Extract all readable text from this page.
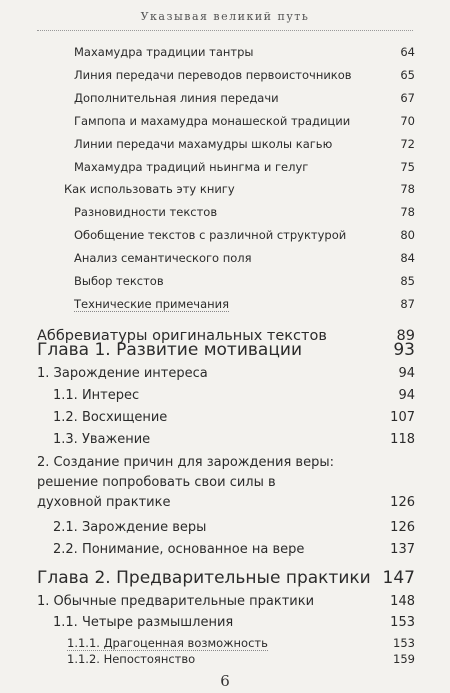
Указывая великий путь
Махамудра традиции тантры	64
Линия передачи переводов первоисточников	65
Дополнительная линия передачи	67
Гампопа и махамудра монашеской традиции	70
Линии передачи махамудры школы кагью	72
Махамудра традиций ньингма и гелуг	75
Как использовать эту книгу	78
Разновидности текстов	78
Обобщение текстов с различной структурой	80
Анализ семантического поля	84
Выбор текстов	85
Технические примечания	87
Аббревиатуры оригинальных текстов	89
Глава 1. Развитие мотивации	93
1. Зарождение интереса	94
1.1. Интерес	94
1.2. Восхищение	107
1.3. Уважение	118
2. Создание причин для зарождения веры: решение попробовать свои силы в духовной практике	126
2.1. Зарождение веры	126
2.2. Понимание, основанное на вере	137
Глава 2. Предварительные практики 147
1. Обычные предварительные практики	148
1.1. Четыре размышления	153
1.1.1. Драгоценная возможность	153
1.1.2. Непостоянство	159
6
